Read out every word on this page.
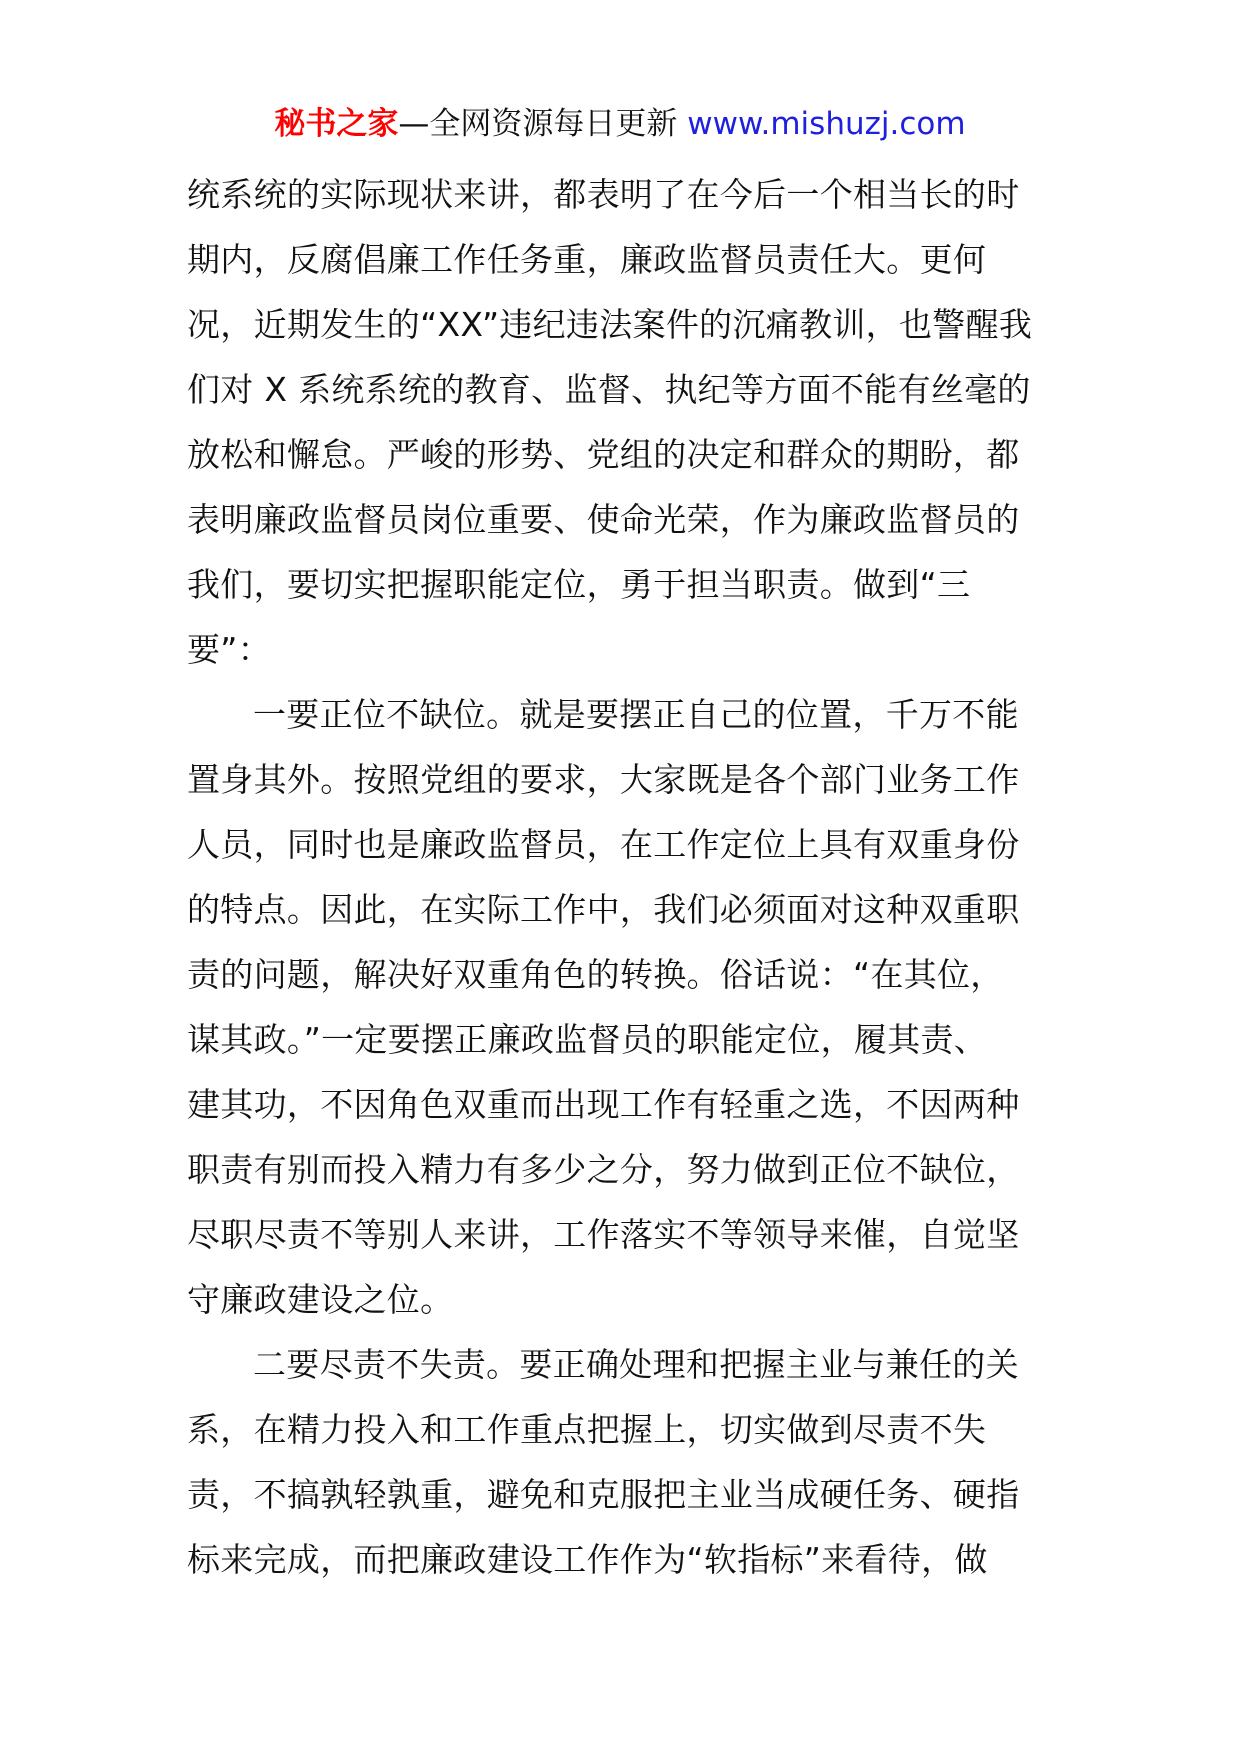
秘书之家—全网资源每日更新 www.mishuzj.com
统系统的实际现状来讲，都表明了在今后一个相当长的时
期内，反腐倡廉工作任务重，廉政监督员责任大。更何
况，近期发生的“XX”违纪违法案件的沉痛教训，也警醒我
们对 X 系统系统的教育、监督、执纪等方面不能有丝毫的
放松和懈怠。严峻的形势、党组的决定和群众的期盼，都
表明廉政监督员岗位重要、使命光荣，作为廉政监督员的
我们，要切实把握职能定位，勇于担当职责。做到“三
要”：
一要正位不缺位。就是要摆正自己的位置，千万不能
置身其外。按照党组的要求，大家既是各个部门业务工作
人员，同时也是廉政监督员，在工作定位上具有双重身份
的特点。因此，在实际工作中，我们必须面对这种双重职
责的问题，解决好双重角色的转换。俗话说：“在其位，
谋其政。”一定要摆正廉政监督员的职能定位，履其责、
建其功，不因角色双重而出现工作有轻重之选，不因两种
职责有别而投入精力有多少之分，努力做到正位不缺位，
尽职尽责不等别人来讲，工作落实不等领导来催，自觉坚
守廉政建设之位。
二要尽责不失责。要正确处理和把握主业与兼任的关
系，在精力投入和工作重点把握上，切实做到尽责不失
责，不搞孰轻孰重，避免和克服把主业当成硬任务、硬指
标来完成，而把廉政建设工作作为“软指标”来看待，做
